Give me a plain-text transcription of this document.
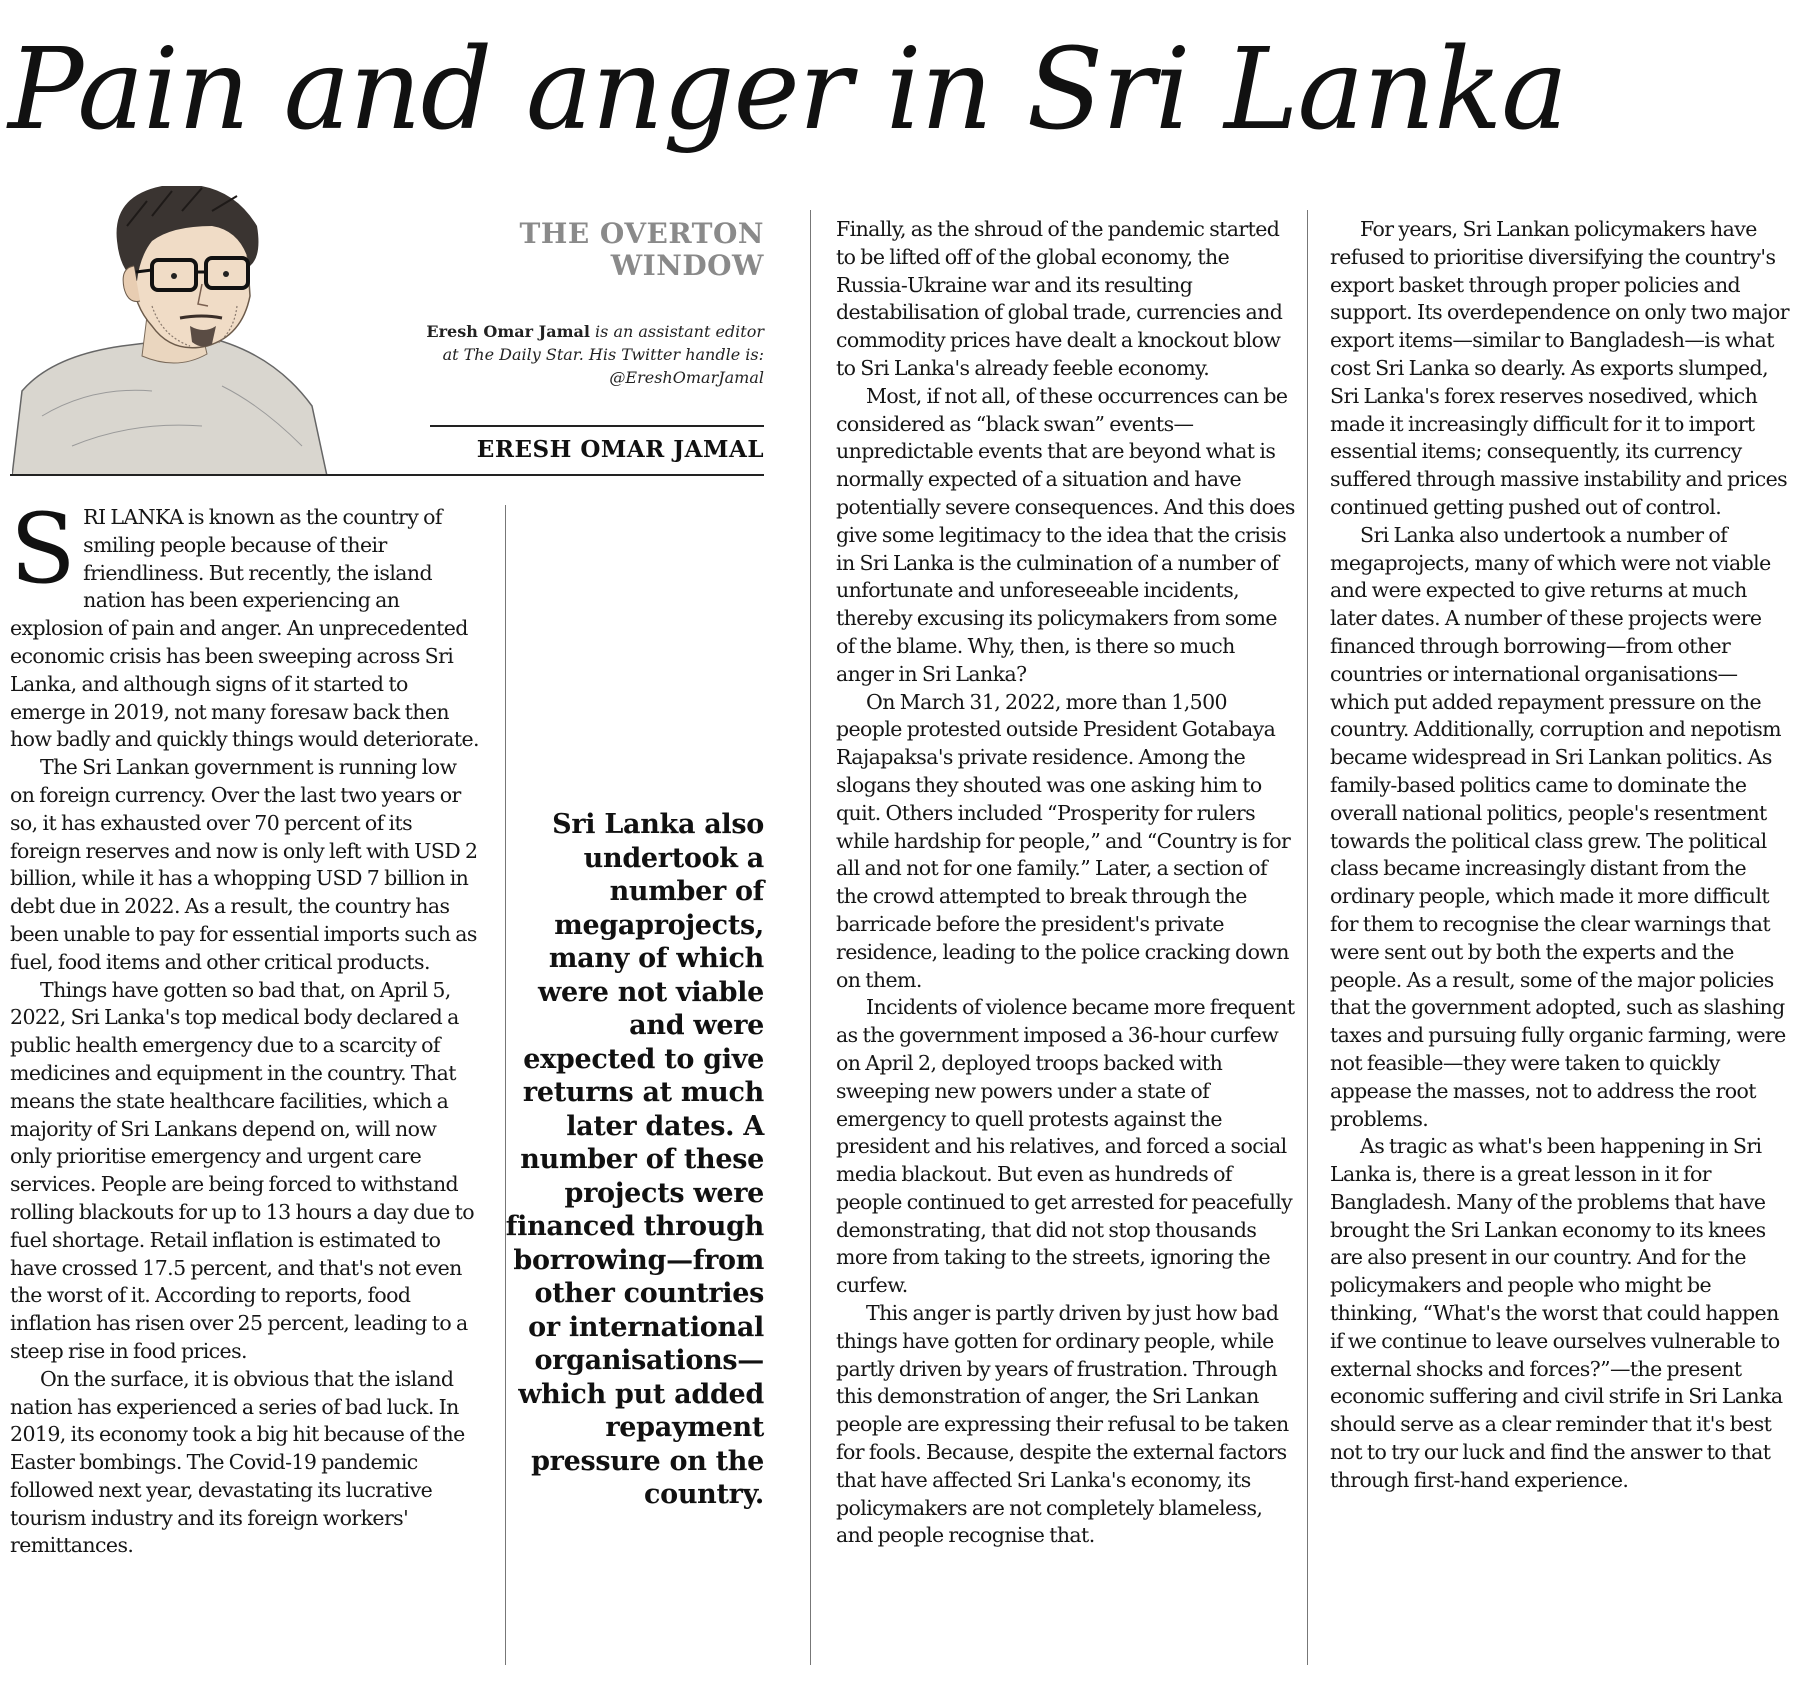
Pain and anger in Sri Lanka
THE OVERTON WINDOW
Eresh Omar Jamal is an assistant editor at The Daily Star. His Twitter handle is: @EreshOmarJamal
ERESH OMAR JAMAL

SRI LANKA is known as the country of smiling people because of their friendliness. But recently, the island nation has been experiencing an explosion of pain and anger. An unprecedented economic crisis has been sweeping across Sri Lanka, and although signs of it started to emerge in 2019, not many foresaw back then how badly and quickly things would deteriorate.

The Sri Lankan government is running low on foreign currency. Over the last two years or so, it has exhausted over 70 percent of its foreign reserves and now is only left with USD 2 billion, while it has a whopping USD 7 billion in debt due in 2022. As a result, the country has been unable to pay for essential imports such as fuel, food items and other critical products.

Things have gotten so bad that, on April 5, 2022, Sri Lanka's top medical body declared a public health emergency due to a scarcity of medicines and equipment in the country. That means the state healthcare facilities, which a majority of Sri Lankans depend on, will now only prioritise emergency and urgent care services. People are being forced to withstand rolling blackouts for up to 13 hours a day due to fuel shortage. Retail inflation is estimated to have crossed 17.5 percent, and that's not even the worst of it. According to reports, food inflation has risen over 25 percent, leading to a steep rise in food prices.

On the surface, it is obvious that the island nation has experienced a series of bad luck. In 2019, its economy took a big hit because of the Easter bombings. The Covid-19 pandemic followed next year, devastating its lucrative tourism industry and its foreign workers' remittances.

Sri Lanka also undertook a number of megaprojects, many of which were not viable and were expected to give returns at much later dates. A number of these projects were financed through borrowing—from other countries or international organisations—which put added repayment pressure on the country.

Finally, as the shroud of the pandemic started to be lifted off of the global economy, the Russia-Ukraine war and its resulting destabilisation of global trade, currencies and commodity prices have dealt a knockout blow to Sri Lanka's already feeble economy.

Most, if not all, of these occurrences can be considered as “black swan” events—unpredictable events that are beyond what is normally expected of a situation and have potentially severe consequences. And this does give some legitimacy to the idea that the crisis in Sri Lanka is the culmination of a number of unfortunate and unforeseeable incidents, thereby excusing its policymakers from some of the blame. Why, then, is there so much anger in Sri Lanka?

On March 31, 2022, more than 1,500 people protested outside President Gotabaya Rajapaksa's private residence. Among the slogans they shouted was one asking him to quit. Others included “Prosperity for rulers while hardship for people,” and “Country is for all and not for one family.” Later, a section of the crowd attempted to break through the barricade before the president's private residence, leading to the police cracking down on them.

Incidents of violence became more frequent as the government imposed a 36-hour curfew on April 2, deployed troops backed with sweeping new powers under a state of emergency to quell protests against the president and his relatives, and forced a social media blackout. But even as hundreds of people continued to get arrested for peacefully demonstrating, that did not stop thousands more from taking to the streets, ignoring the curfew.

This anger is partly driven by just how bad things have gotten for ordinary people, while partly driven by years of frustration. Through this demonstration of anger, the Sri Lankan people are expressing their refusal to be taken for fools. Because, despite the external factors that have affected Sri Lanka's economy, its policymakers are not completely blameless, and people recognise that.

For years, Sri Lankan policymakers have refused to prioritise diversifying the country's export basket through proper policies and support. Its overdependence on only two major export items—similar to Bangladesh—is what cost Sri Lanka so dearly. As exports slumped, Sri Lanka's forex reserves nosedived, which made it increasingly difficult for it to import essential items; consequently, its currency suffered through massive instability and prices continued getting pushed out of control.

Sri Lanka also undertook a number of megaprojects, many of which were not viable and were expected to give returns at much later dates. A number of these projects were financed through borrowing—from other countries or international organisations—which put added repayment pressure on the country. Additionally, corruption and nepotism became widespread in Sri Lankan politics. As family-based politics came to dominate the overall national politics, people's resentment towards the political class grew. The political class became increasingly distant from the ordinary people, which made it more difficult for them to recognise the clear warnings that were sent out by both the experts and the people. As a result, some of the major policies that the government adopted, such as slashing taxes and pursuing fully organic farming, were not feasible—they were taken to quickly appease the masses, not to address the root problems.

As tragic as what's been happening in Sri Lanka is, there is a great lesson in it for Bangladesh. Many of the problems that have brought the Sri Lankan economy to its knees are also present in our country. And for the policymakers and people who might be thinking, “What's the worst that could happen if we continue to leave ourselves vulnerable to external shocks and forces?”—the present economic suffering and civil strife in Sri Lanka should serve as a clear reminder that it's best not to try our luck and find the answer to that through first-hand experience.
